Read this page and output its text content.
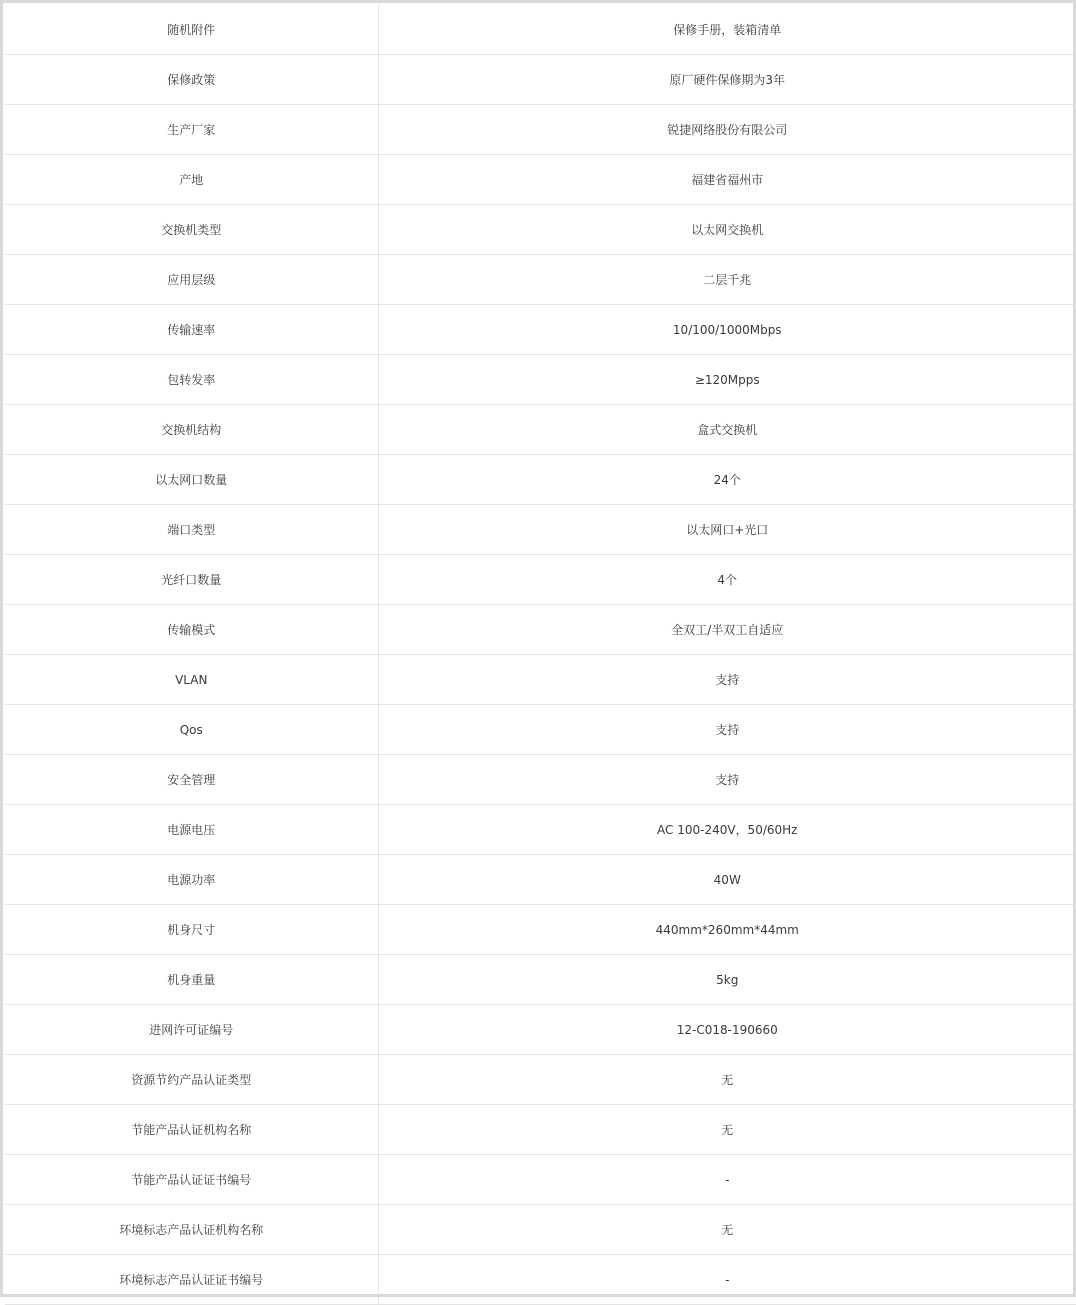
随机附件	保修手册，装箱清单
保修政策	原厂硬件保修期为3年
生产厂家	锐捷网络股份有限公司
产地	福建省福州市
交换机类型	以太网交换机
应用层级	二层千兆
传输速率	10/100/1000Mbps
包转发率	≥120Mpps
交换机结构	盒式交换机
以太网口数量	24个
端口类型	以太网口+光口
光纤口数量	4个
传输模式	全双工/半双工自适应
VLAN	支持
Qos	支持
安全管理	支持
电源电压	AC 100-240V，50/60Hz
电源功率	40W
机身尺寸	440mm*260mm*44mm
机身重量	5kg
进网许可证编号	12-C018-190660
资源节约产品认证类型	无
节能产品认证机构名称	无
节能产品认证证书编号	-
环境标志产品认证机构名称	无
环境标志产品认证证书编号	-
